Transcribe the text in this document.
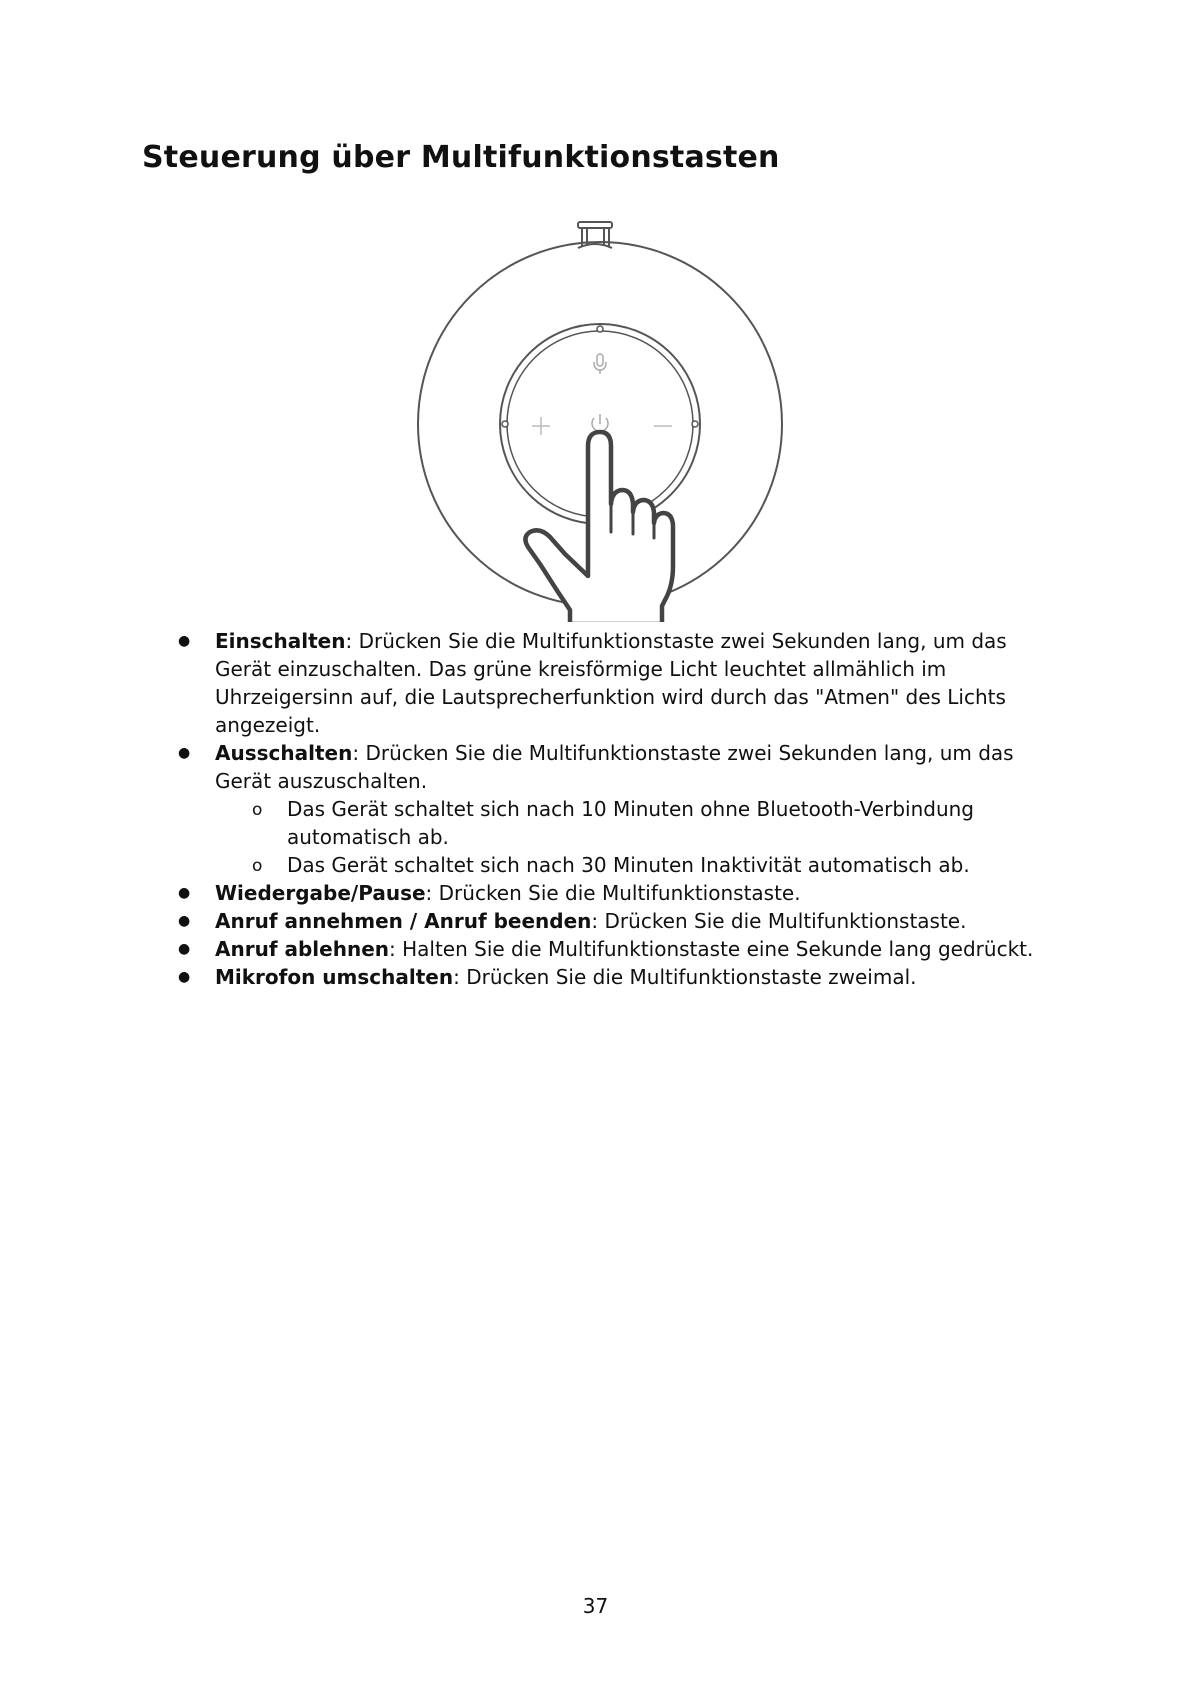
Steuerung über Multifunktionstasten
● Einschalten: Drücken Sie die Multifunktionstaste zwei Sekunden lang, um das Gerät einzuschalten. Das grüne kreisförmige Licht leuchtet allmählich im Uhrzeigersinn auf, die Lautsprecherfunktion wird durch das "Atmen" des Lichts angezeigt.
● Ausschalten: Drücken Sie die Multifunktionstaste zwei Sekunden lang, um das Gerät auszuschalten.
o Das Gerät schaltet sich nach 10 Minuten ohne Bluetooth-Verbindung automatisch ab.
o Das Gerät schaltet sich nach 30 Minuten Inaktivität automatisch ab.
● Wiedergabe/Pause: Drücken Sie die Multifunktionstaste.
● Anruf annehmen / Anruf beenden: Drücken Sie die Multifunktionstaste.
● Anruf ablehnen: Halten Sie die Multifunktionstaste eine Sekunde lang gedrückt.
● Mikrofon umschalten: Drücken Sie die Multifunktionstaste zweimal.
37
